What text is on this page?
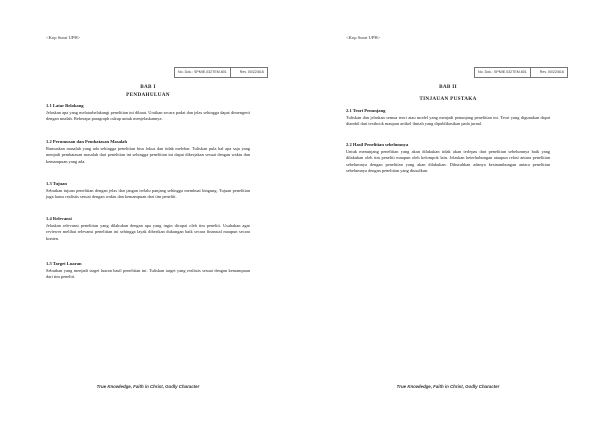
<Kop Surat UPH>
No. Dok.: SPMIE.032TEM.801	Rev. 00/22/816
BAB I
PENDAHULUAN
1.1 Latar Belakang

Jelaskan apa yang melatarbelakangi penelitian ini dibuat. Uraikan secara padat dan jelas sehingga dapat dimengerti dengan mudah. Beberapa paragraph cukup untuk menjelaskannya.

1.2 Perumusan dan Pembatasan Masalah

Rumuskan masalah yang ada sehingga penelitian bisa fokus dan tidak melebar. Tuliskan pula hal apa saja yang menjadi pembatasan masalah dari penelitian ini sehingga penelitian ini dapat dikerjakan sesuai dengan waktu dan kemampuan yang ada.

1.3 Tujuan

Sebutkan tujuan penelitian dengan jelas dan jangan terlalu panjang sehingga membuat bingung. Tujuan penelitian juga harus realistis sesuai dengan waktu dan kemampuan dari tim peneliti.

1.4 Relevansi

Jelaskan relevansi penelitian yang dilakukan dengan apa yang ingin dicapai oleh tim peneliti. Usahakan agar reviewer melihat relevansi penelitian ini sehingga layak diberikan dukungan baik secara finansial maupun secara konten.

1.5 Target Luaran

Sebutkan yang menjadi target luaran hasil penelitian ini. Tuliskan target yang realistis sesuai dengan kemampuan dari tim peneliti.

True Knowledge, Faith in Christ, Godly Character
<Kop Surat UPH>
No. Dok.: SPMIE.032TEM.801	Rev. 00/22/816
BAB II
TINJAUAN PUSTAKA
2.1 Teori Penunjang

Tuliskan dan jelaskan semua teori atau model yang menjadi penunjang penelitian ini. Teori yang digunakan dapat diambil dari textbook maupun artikel ilmiah yang dipublikasikan pada jurnal.

2.2 Hasil Penelitian sebelumnya

Untuk menunjang penelitian yang akan dilakukan tidak akan terlepas dari penelitian sebelumnya baik yang dilakukan oleh tim peneliti maupun oleh kelompok lain. Jelaskan keterhubungan ataupun relasi antara penelitian sebelumnya dengan penelitian yang akan dilakukan. Dibutuhkan adanya kesinambungan antara penelitian sebelumnya dengan penelitian yang diusulkan.

True Knowledge, Faith in Christ, Godly Character
